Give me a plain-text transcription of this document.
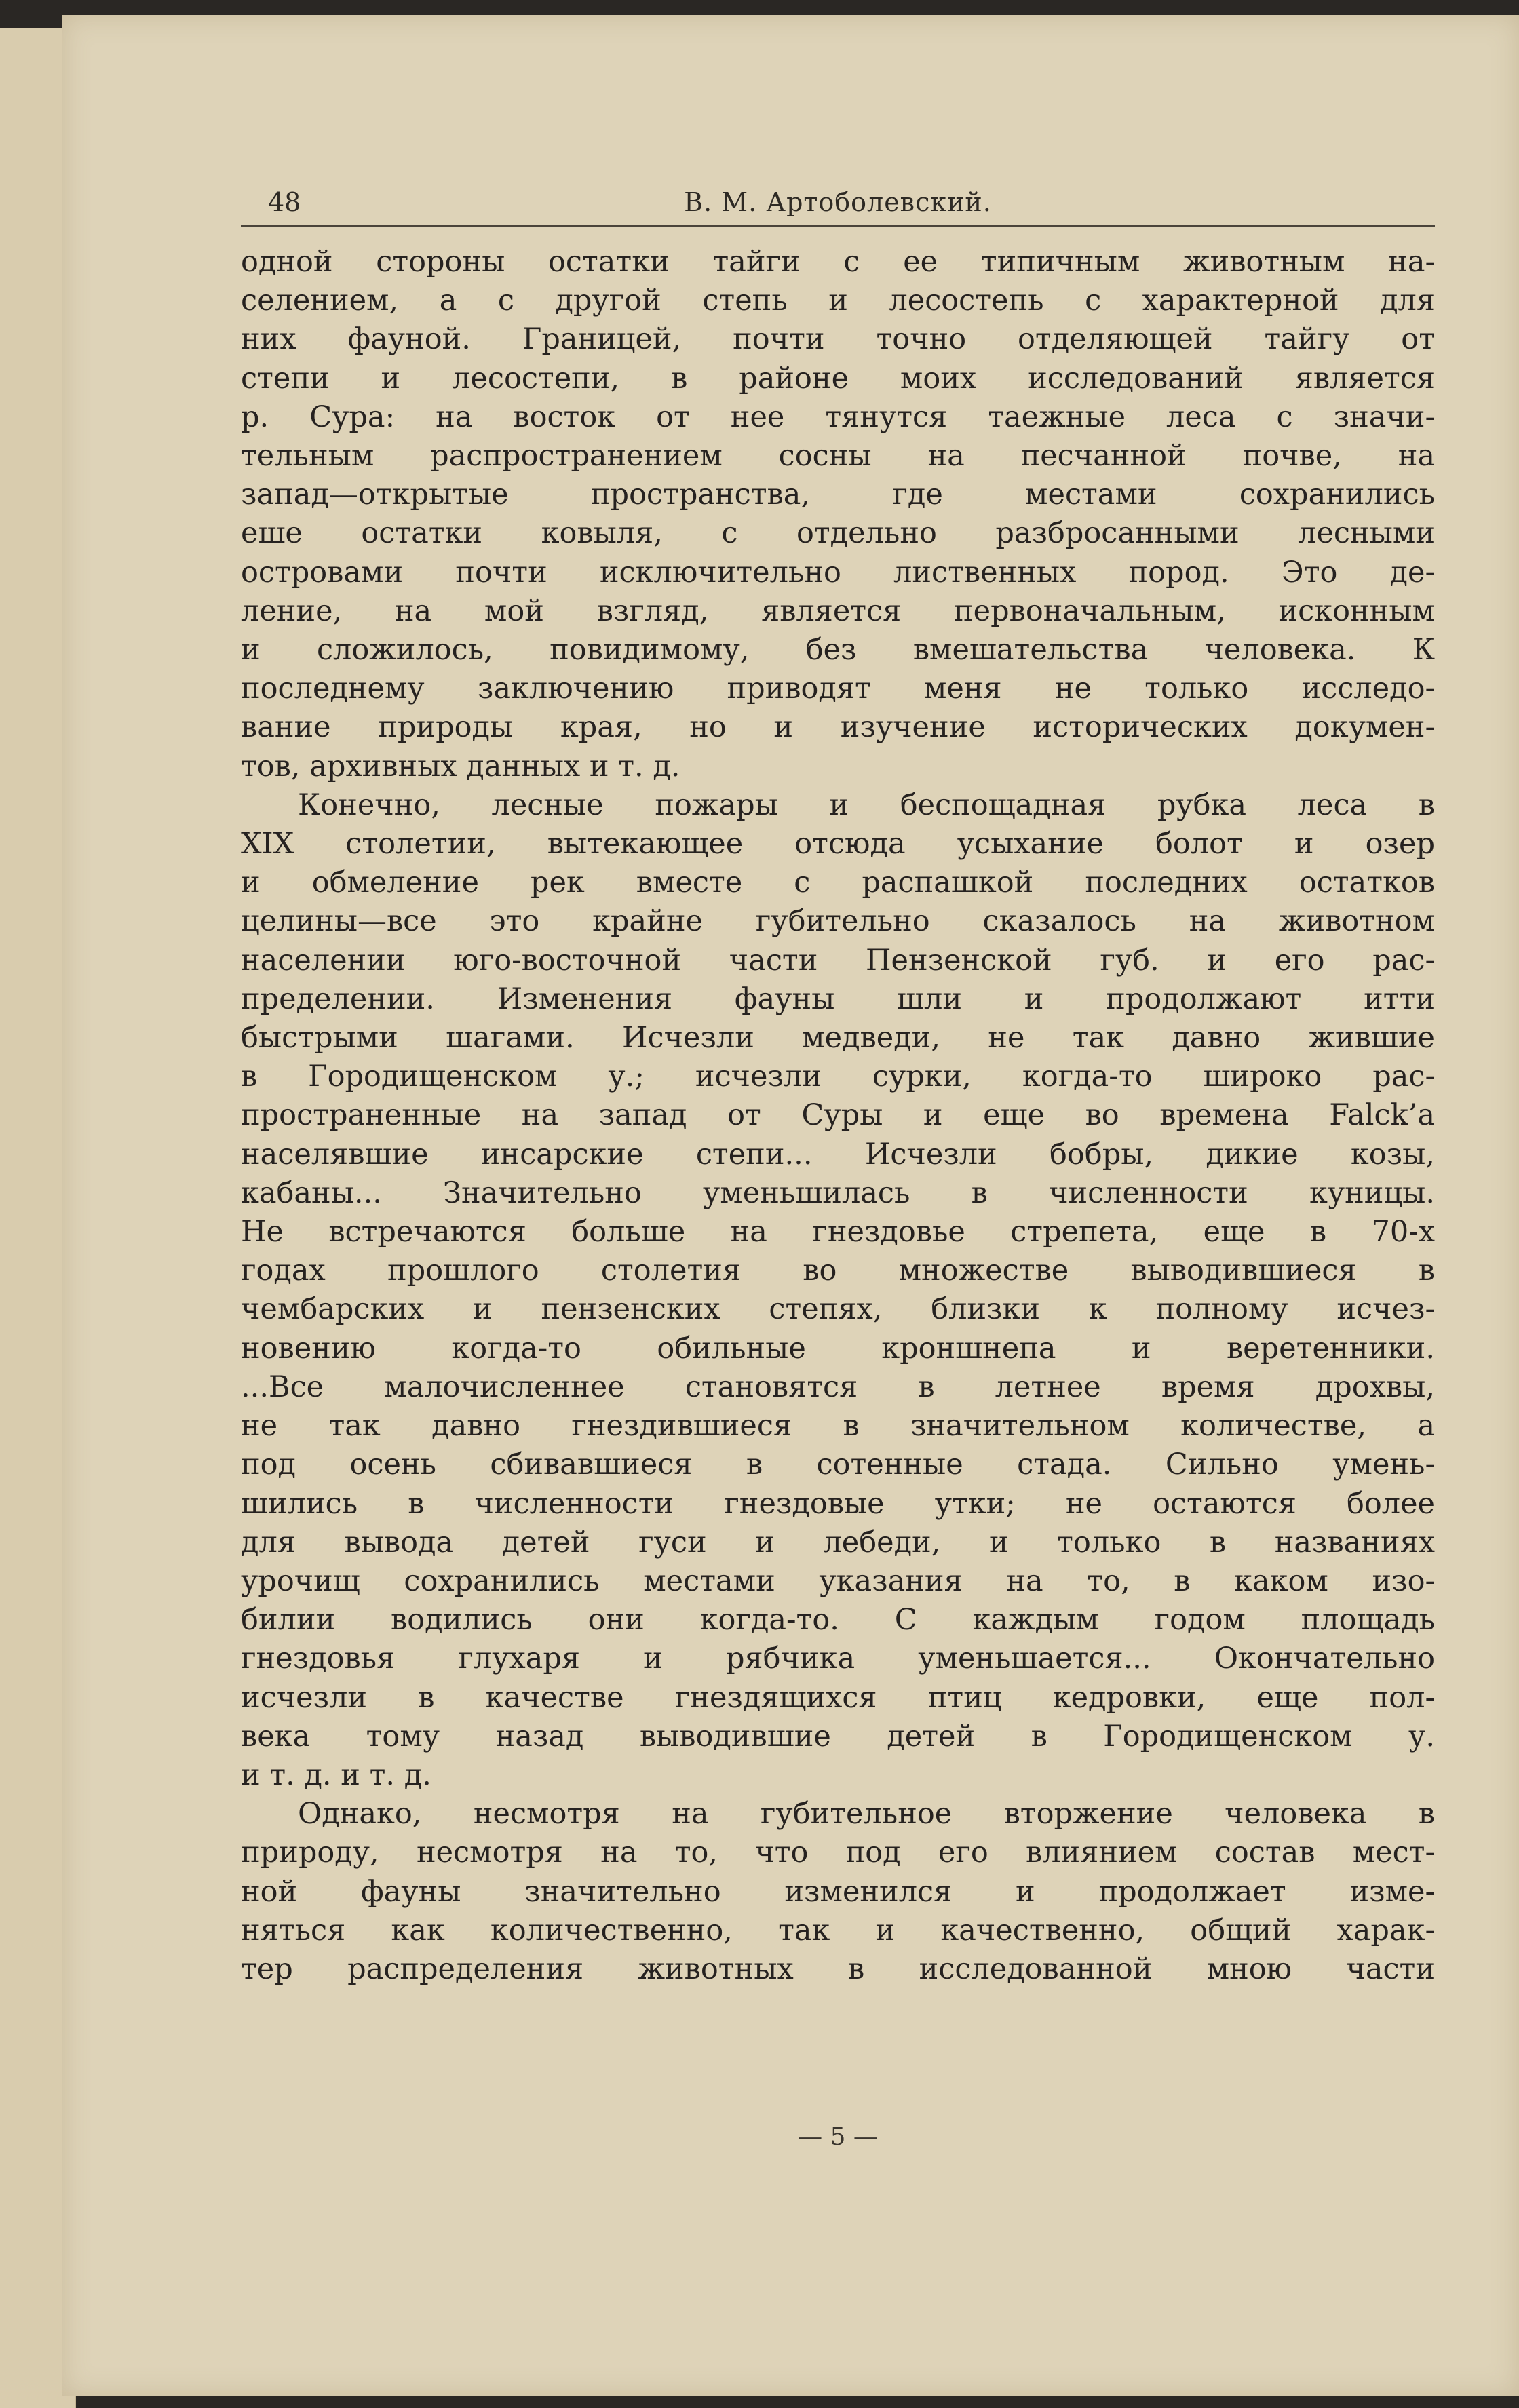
48	В. М. Артоболевский.

одной стороны остатки тайги с ее типичным животным на-
селением, а с другой степь и лесостепь с характерной для
них фауной. Границей, почти точно отделяющей тайгу от
степи и лесостепи, в районе моих исследований является
р. Сура: на восток от нее тянутся таежные леса с значи-
тельным распространением сосны на песчанной почве, на
запад—открытые пространства, где местами сохранились
еше остатки ковыля, с отдельно разбросанными лесными
островами почти исключительно лиственных пород. Это де-
ление, на мой взгляд, является первоначальным, исконным
и сложилось, повидимому, без вмешательства человека. К
последнему заключению приводят меня не только исследо-
вание природы края, но и изучение исторических докумен-
тов, архивных данных и т. д.

Конечно, лесные пожары и беспощадная рубка леса в
XIX столетии, вытекающее отсюда усыхание болот и озер
и обмеление рек вместе с распашкой последних остатков
целины—все это крайне губительно сказалось на животном
населении юго-восточной части Пензенской губ. и его рас-
пределении. Изменения фауны шли и продолжают итти
быстрыми шагами. Исчезли медведи, не так давно жившие
в Городищенском у.; исчезли сурки, когда-то широко рас-
пространенные на запад от Суры и еще во времена Falck’а
населявшие инсарские степи... Исчезли бобры, дикие козы,
кабаны... Значительно уменьшилась в численности куницы.
Не встречаются больше на гнездовье стрепета, еще в 70-х
годах прошлого столетия во множестве выводившиеся в
чембарских и пензенских степях, близки к полному исчез-
новению когда-то обильные кроншнепа и веретенники.
...Все малочисленнее становятся в летнее время дрохвы,
не так давно гнездившиеся в значительном количестве, а
под осень сбивавшиеся в сотенные стада. Сильно умень-
шились в численности гнездовые утки; не остаются более
для вывода детей гуси и лебеди, и только в названиях
урочищ сохранились местами указания на то, в каком изо-
билии водились они когда-то. С каждым годом площадь
гнездовья глухаря и рябчика уменьшается... Окончательно
исчезли в качестве гнездящихся птиц кедровки, еще пол-
века тому назад выводившие детей в Городищенском у.
и т. д. и т. д.

Однако, несмотря на губительное вторжение человека в
природу, несмотря на то, что под его влиянием состав мест-
ной фауны значительно изменился и продолжает изме-
няться как количественно, так и качественно, общий харак-
тер распределения животных в исследованной мною части

— 5 —
